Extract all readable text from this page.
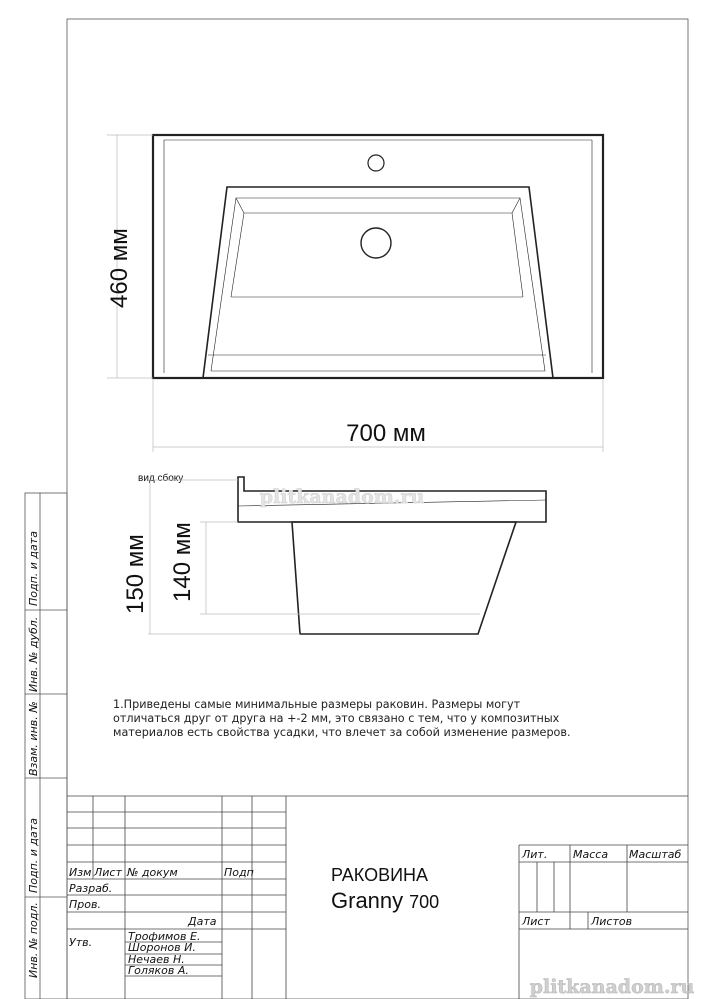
460 мм
700 мм
вид сбоку
150 мм 140 мм
Подп. и дата
Инв. № дубл.
Взам. инв. №
Подп. и дата
Инв. № подл.
Изм Лист № докум	Подп
Дата
Разраб.
Пров.
Утв.	Трофимов Е.
Шоронов И.
Нечаев Н.
Голяков А.
РАКОВИНА
Granny 700
Лит. Масса Масштаб
Лист	Листов
plitkanadom.ru
plitkanadom.ru
1.Приведены самые минимальные размеры раковин. Размеры могут
отличаться друг от друга на +-2 мм, это связано с тем, что у композитных
материалов есть свойства усадки, что влечет за собой изменение размеров.
